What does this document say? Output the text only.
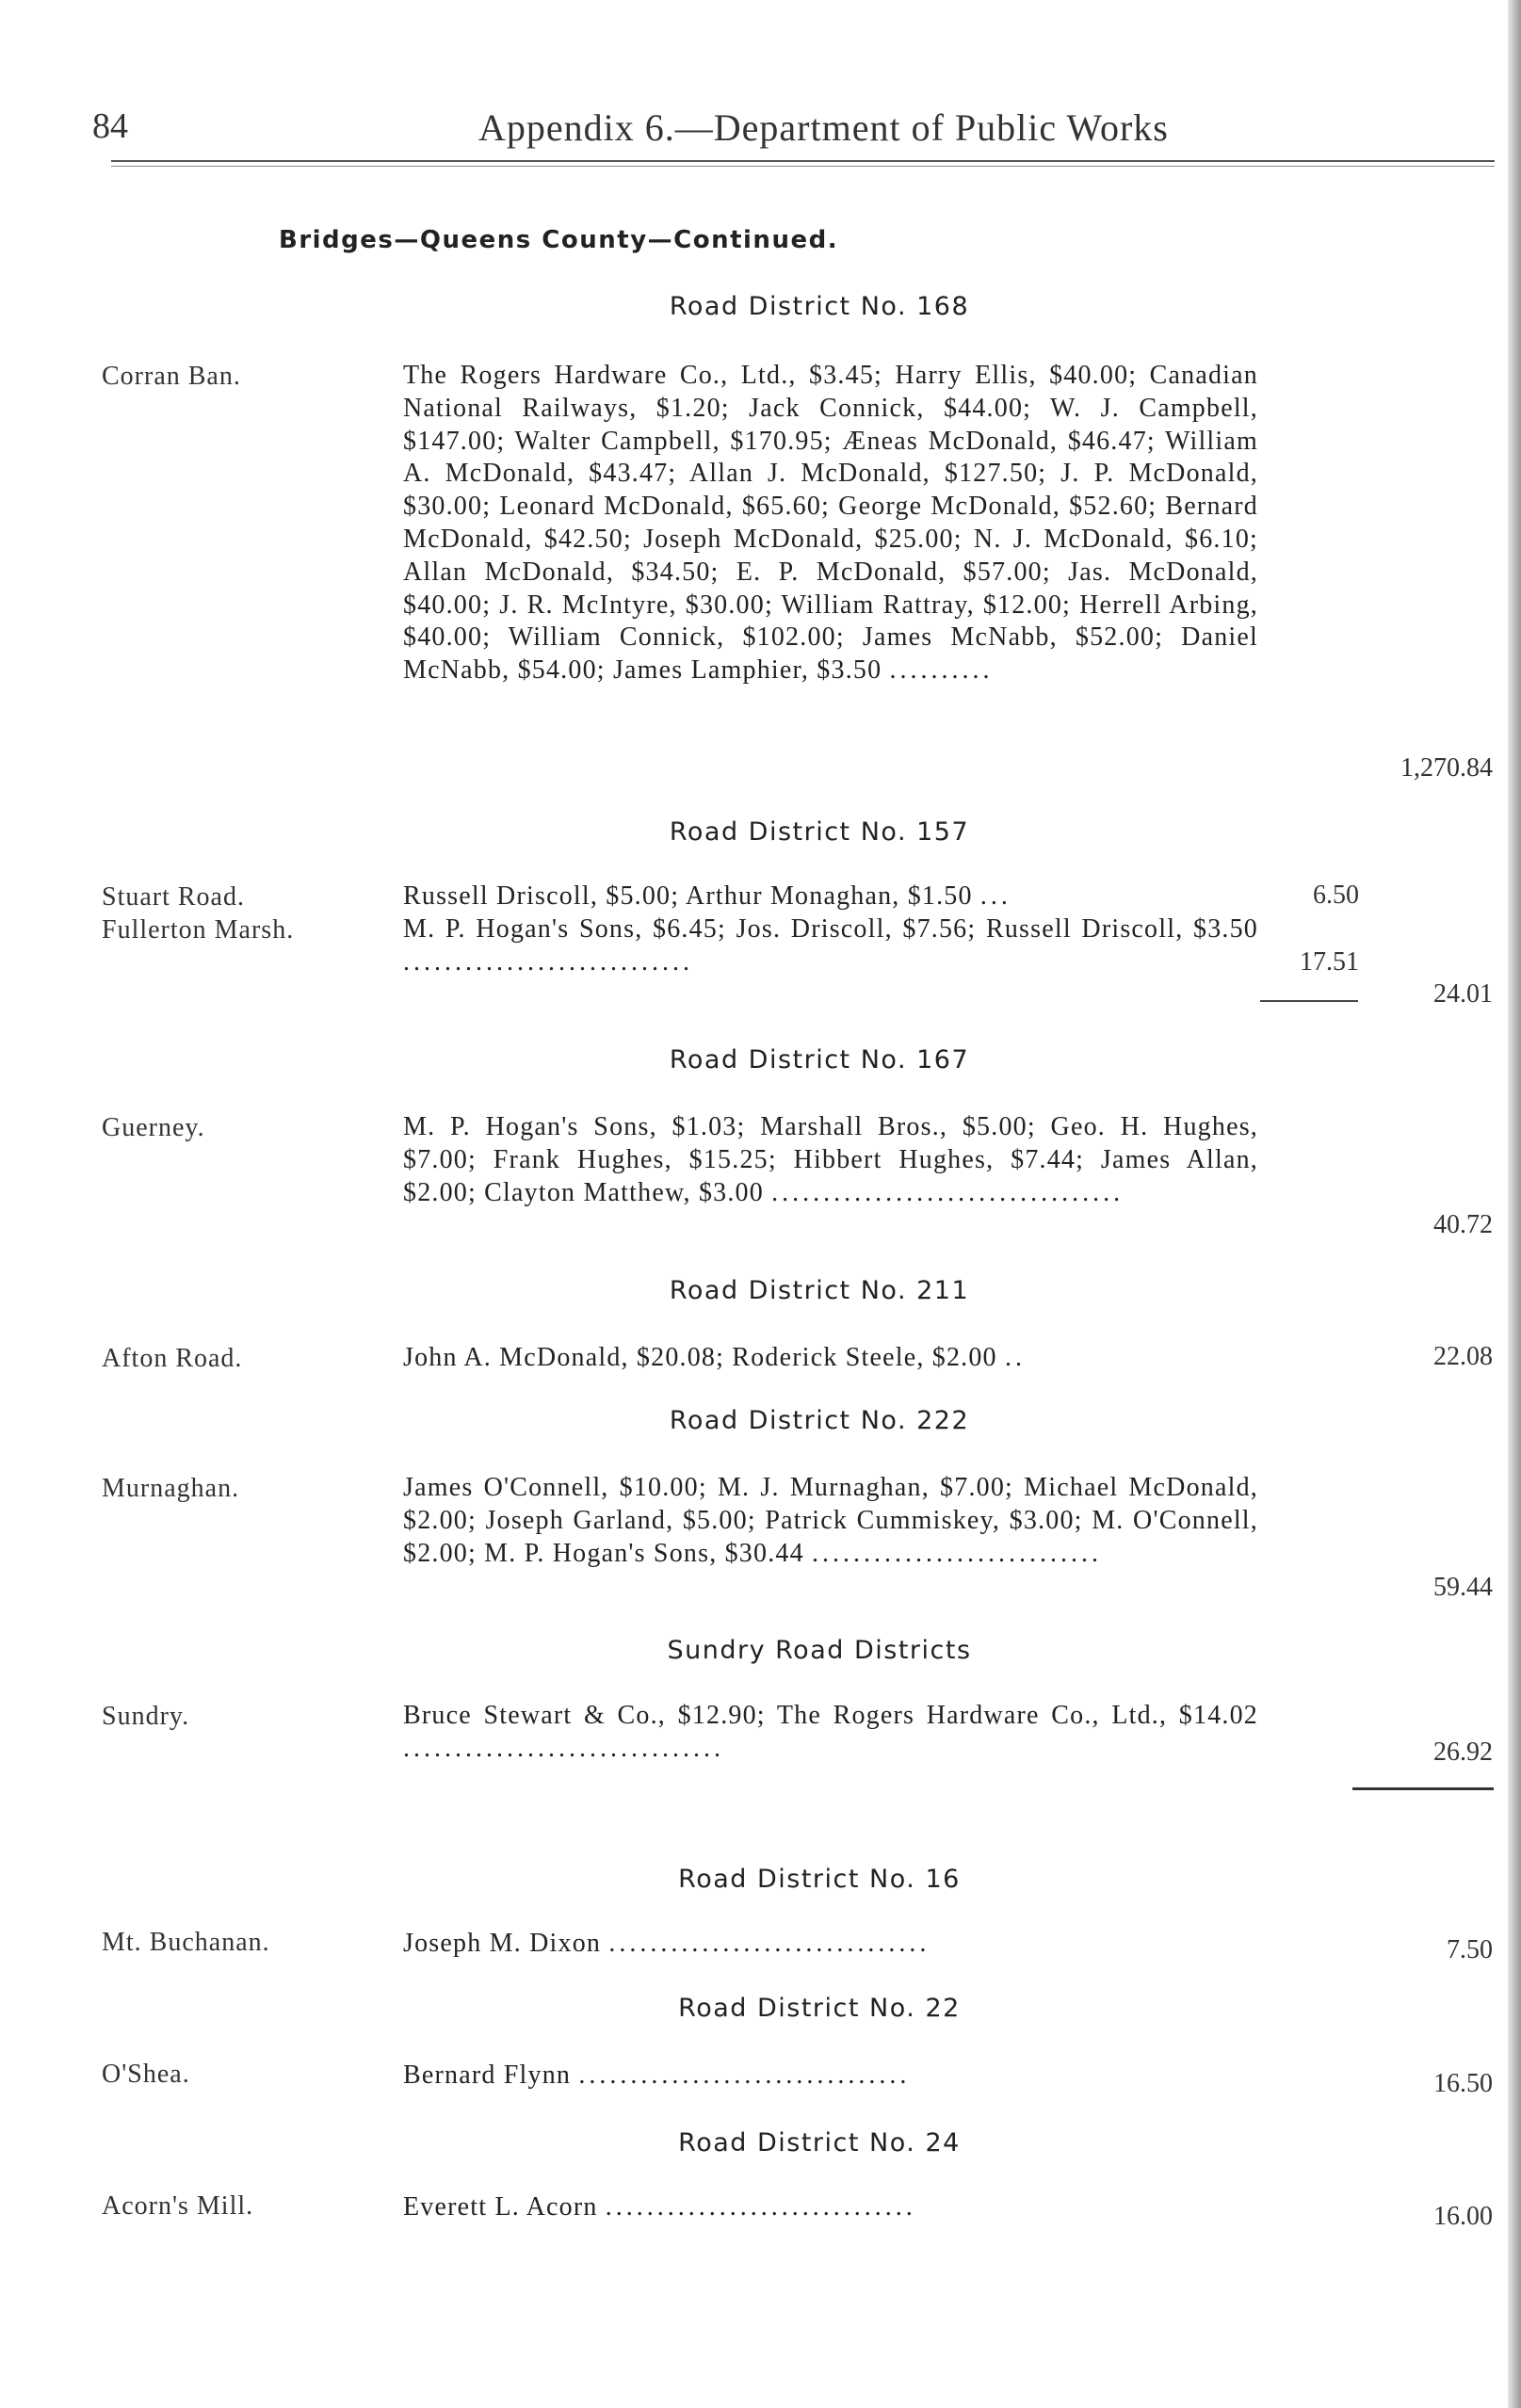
84	Appendix 6.—Department of Public Works
Bridges—Queens County—Continued.
Road District No. 168
Corran Ban.	The Rogers Hardware Co., Ltd., $3.45; Harry Ellis, $40.00; Canadian National Railways, $1.20; Jack Connick, $44.00; W. J. Campbell, $147.00; Walter Campbell, $170.95; Æneas McDonald, $46.47; William A. McDonald, $43.47; Allan J. McDonald, $127.50; J. P. McDonald, $30.00; Leonard McDonald, $65.60; George McDonald, $52.60; Bernard McDonald, $42.50; Joseph McDonald, $25.00; N. J. McDonald, $6.10; Allan McDonald, $34.50; E. P. McDonald, $57.00; Jas. McDonald, $40.00; J. R. McIntyre, $30.00; William Rattray, $12.00; Herrell Arbing, $40.00; William Connick, $102.00; James McNabb, $52.00; Daniel McNabb, $54.00; James Lamphier, $3.50 ..........
1,270.84
Road District No. 157
Stuart Road.	Russell Driscoll, $5.00; Arthur Monaghan, $1.50 ...	6.50
Fullerton Marsh.	M. P. Hogan's Sons, $6.45; Jos. Driscoll, $7.56; Russell Driscoll, $3.50 ............................	17.51
24.01
Road District No. 167
Guerney.	M. P. Hogan's Sons, $1.03; Marshall Bros., $5.00; Geo. H. Hughes, $7.00; Frank Hughes, $15.25; Hibbert Hughes, $7.44; James Allan, $2.00; Clayton Matthew, $3.00 ..................................
40.72
Road District No. 211
Afton Road.	John A. McDonald, $20.08; Roderick Steele, $2.00 ..	22.08
Road District No. 222
Murnaghan.	James O'Connell, $10.00; M. J. Murnaghan, $7.00; Michael McDonald, $2.00; Joseph Garland, $5.00; Patrick Cummiskey, $3.00; M. O'Connell, $2.00; M. P. Hogan's Sons, $30.44 ............................
59.44
Sundry Road Districts
Sundry.	Bruce Stewart & Co., $12.90; The Rogers Hardware Co., Ltd., $14.02 ...............................	26.92
Road District No. 16
Mt. Buchanan.	Joseph M. Dixon ...............................	7.50
Road District No. 22
O'Shea.	Bernard Flynn ................................	16.50
Road District No. 24
Acorn's Mill.	Everett L. Acorn ..............................	16.00
